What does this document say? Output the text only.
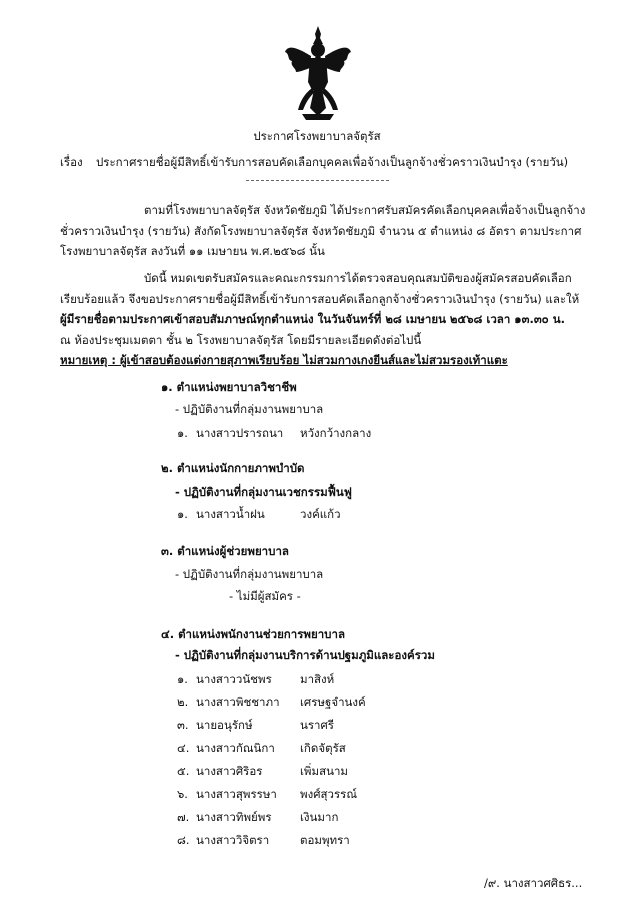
ประกาศโรงพยาบาลจัตุรัส
เรื่อง ประกาศรายชื่อผู้มีสิทธิ์เข้ารับการสอบคัดเลือกบุคคลเพื่อจ้างเป็นลูกจ้างชั่วคราวเงินบำรุง (รายวัน)
ตามที่โรงพยาบาลจัตุรัส จังหวัดชัยภูมิ ได้ประกาศรับสมัครคัดเลือกบุคคลเพื่อจ้างเป็นลูกจ้าง
ชั่วคราวเงินบำรุง (รายวัน) สังกัดโรงพยาบาลจัตุรัส จังหวัดชัยภูมิ จำนวน ๕ ตำแหน่ง ๘ อัตรา ตามประกาศ
โรงพยาบาลจัตุรัส ลงวันที่ ๑๑ เมษายน พ.ศ.๒๕๖๘ นั้น
บัดนี้ หมดเขตรับสมัครและคณะกรรมการได้ตรวจสอบคุณสมบัติของผู้สมัครสอบคัดเลือก
เรียบร้อยแล้ว จึงขอประกาศรายชื่อผู้มีสิทธิ์เข้ารับการสอบคัดเลือกลูกจ้างชั่วคราวเงินบำรุง (รายวัน) และให้
ผู้มีรายชื่อตามประกาศเข้าสอบสัมภาษณ์ทุกตำแหน่ง ในวันจันทร์ที่ ๒๘ เมษายน ๒๕๖๘ เวลา ๑๓.๓๐ น.
ณ ห้องประชุมเมตตา ชั้น ๒ โรงพยาบาลจัตุรัส โดยมีรายละเอียดดังต่อไปนี้
หมายเหตุ : ผู้เข้าสอบต้องแต่งกายสุภาพเรียบร้อย ไม่สวมกางเกงยีนส์และไม่สวมรองเท้าแตะ
๑. ตำแหน่งพยาบาลวิชาชีพ
- ปฏิบัติงานที่กลุ่มงานพยาบาล
๑. นางสาวปรารถนา หวังกว้างกลาง
๒. ตำแหน่งนักกายภาพบำบัด
- ปฏิบัติงานที่กลุ่มงานเวชกรรมฟื้นฟู
๑. นางสาวน้ำฝน	วงค์แก้ว
๓. ตำแหน่งผู้ช่วยพยาบาล
- ปฏิบัติงานที่กลุ่มงานพยาบาล
- ไม่มีผู้สมัคร -
๔. ตำแหน่งพนักงานช่วยการพยาบาล
- ปฏิบัติงานที่กลุ่มงานบริการด้านปฐมภูมิและองค์รวม
๑. นางสาววนัชพร มาสิงห์
๒. นางสาวพิชชาภา เศรษฐจำนงค์
๓. นายอนุรักษ์	นราศรี
๔. นางสาวกัณนิกา เกิดจัตุรัส
๕. นางสาวศิริอร	เพิ่มสนาม
๖. นางสาวสุพรรษา พงศ์สุวรรณ์
๗. นางสาวทิพย์พร เงินมาก
๘. นางสาววิจิตรา	ตอมพุทรา
/๙. นางสาวศศิธร...
